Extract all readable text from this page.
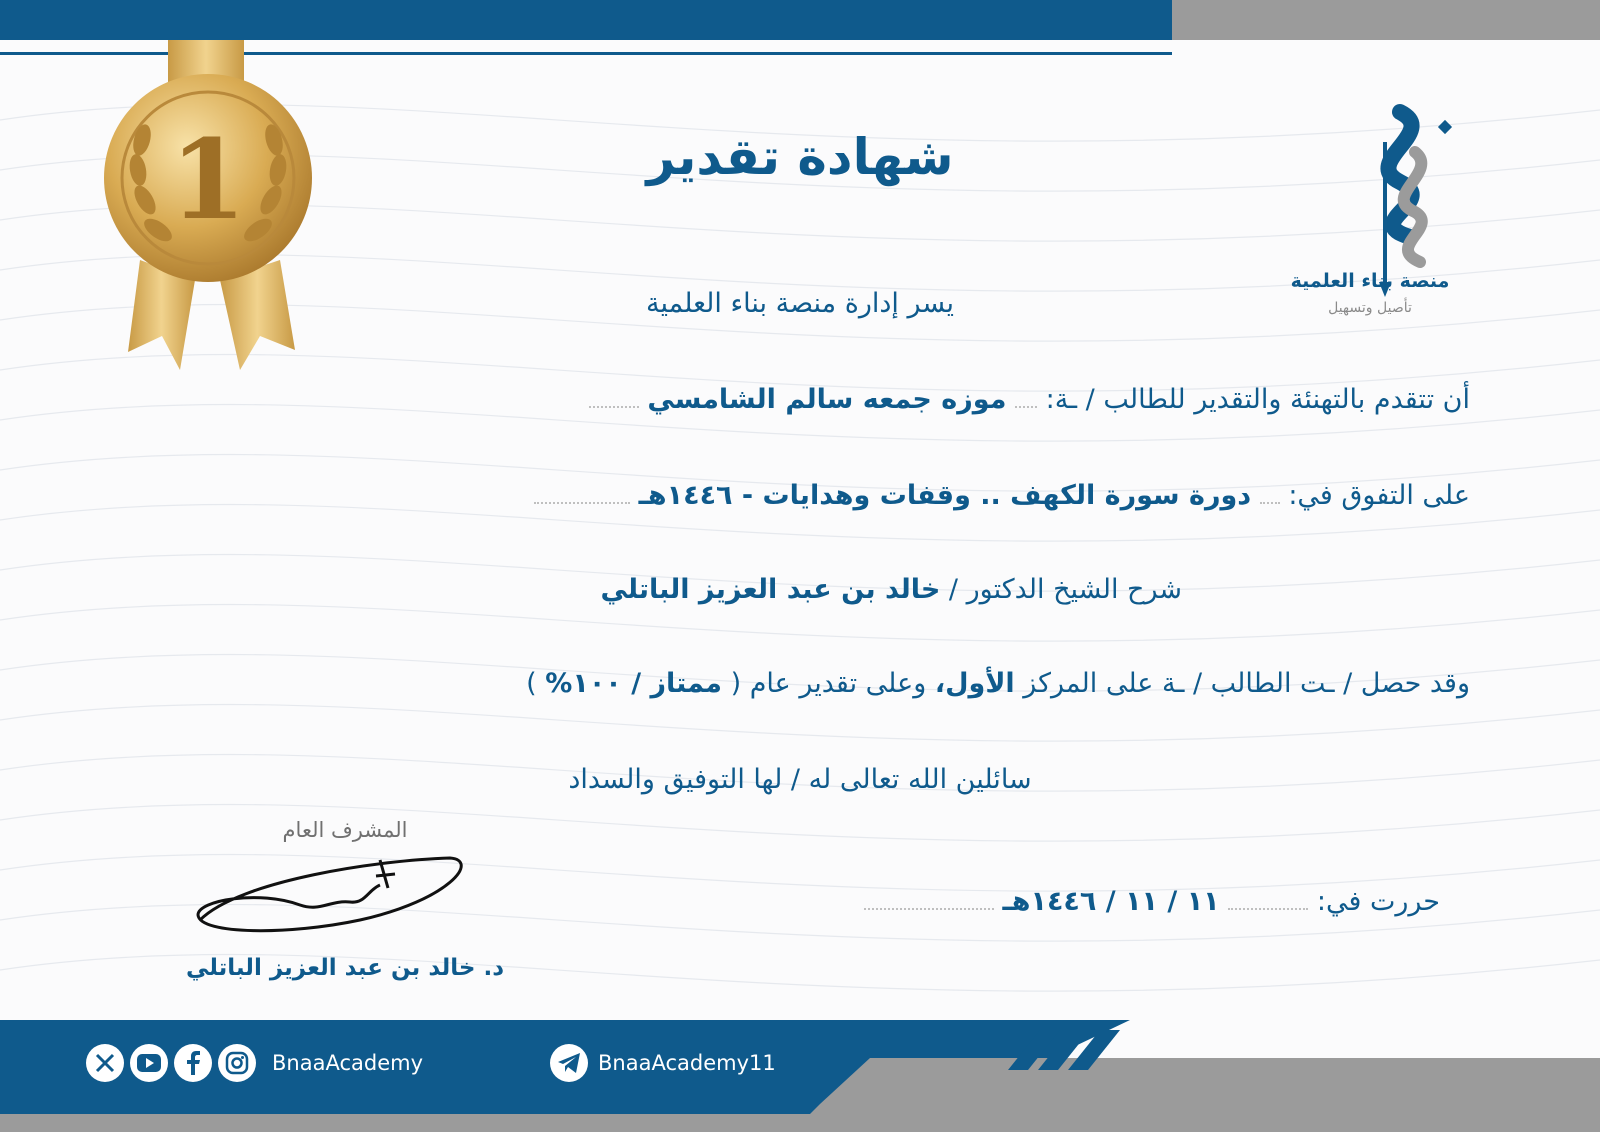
1
منصة بناء العلمية
تأصيل وتسهيل
شهادة تقدير
يسر إدارة منصة بناء العلمية
أن تتقدم بالتهنئة والتقدير للطالب / ـة:  موزه جمعه سالم الشامسي
على التفوق في:  دورة سورة الكهف .. وقفات وهدايات - ١٤٤٦هـ
شرح الشيخ الدكتور / خالد بن عبد العزيز الباتلي
وقد حصل / ـت الطالب / ـة على المركز الأول، وعلى تقدير عام ( ممتاز / ١٠٠% )
سائلين الله تعالى له / لها التوفيق والسداد
حررت في:  ١١ / ١١ / ١٤٤٦هـ
المشرف العام
د. خالد بن عبد العزيز الباتلي
BnaaAcademy	BnaaAcademy11
